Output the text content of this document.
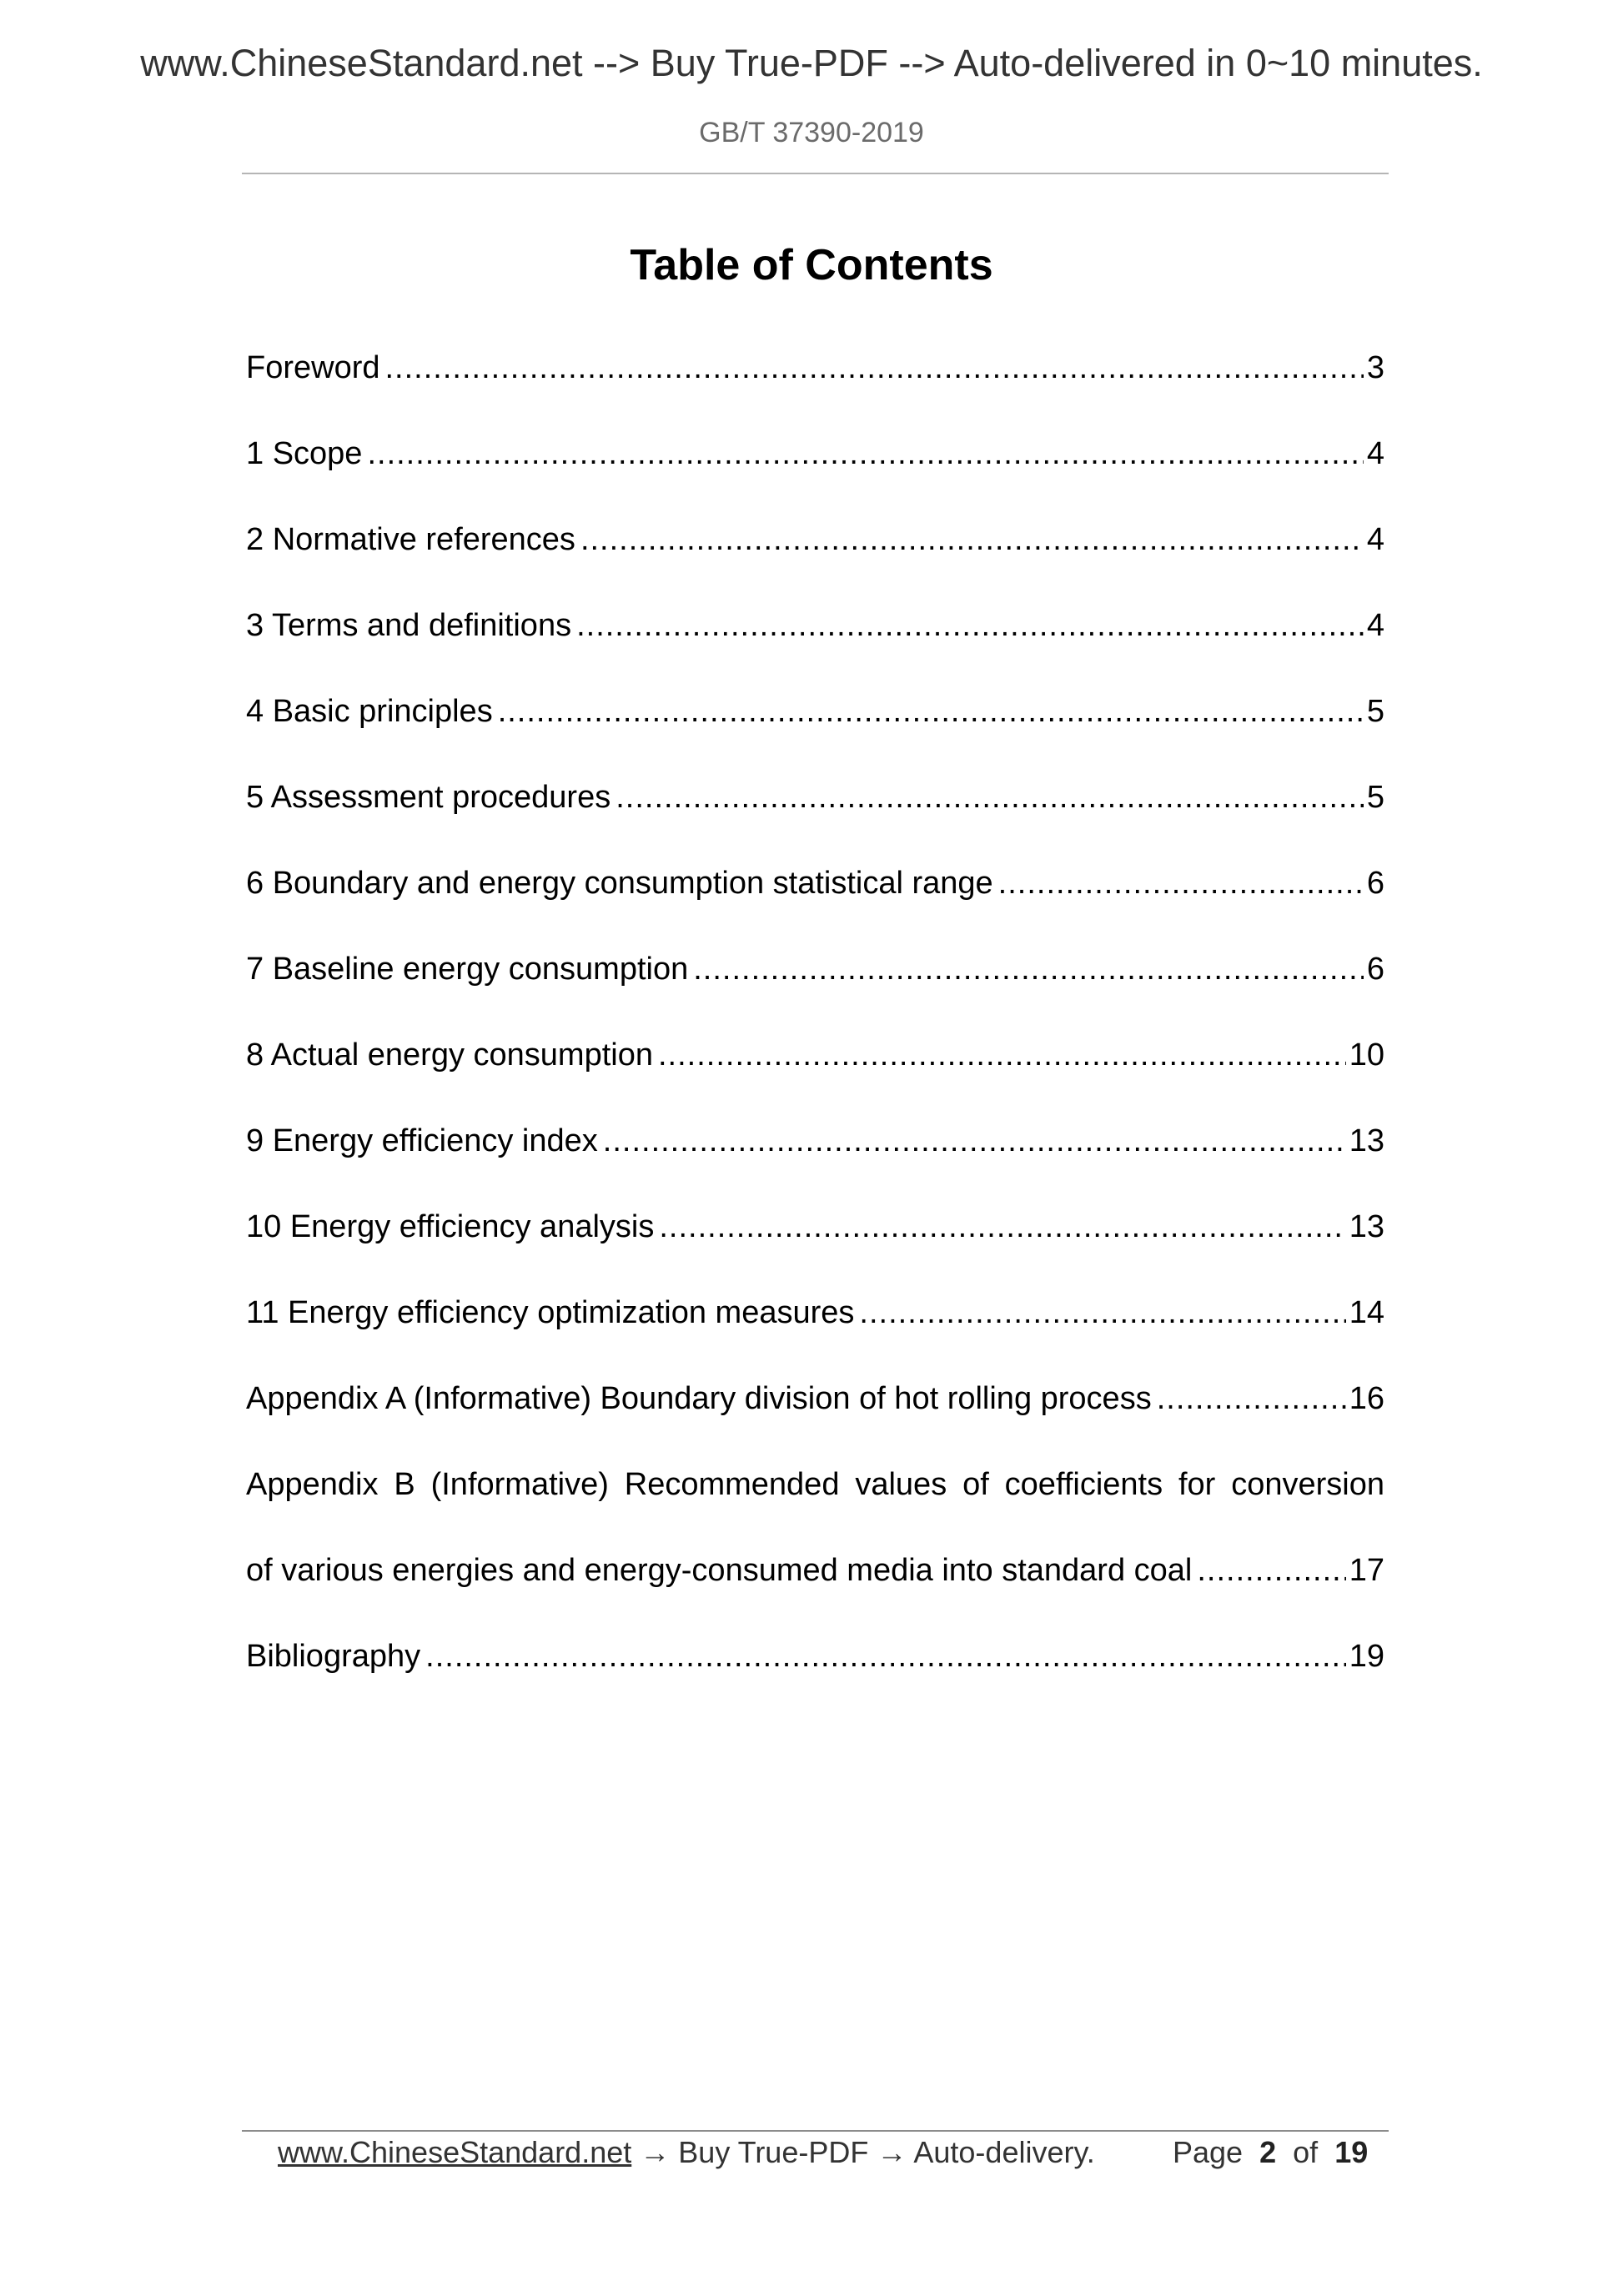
www.ChineseStandard.net --> Buy True-PDF --> Auto-delivered in 0~10 minutes.
GB/T 37390-2019
Table of Contents
Foreword .....	3
1 Scope .....	4
2 Normative references .....	4
3 Terms and definitions .....	4
4 Basic principles .....	5
5 Assessment procedures .....	5
6 Boundary and energy consumption statistical range .....	6
7 Baseline energy consumption .....	6
8 Actual energy consumption .....	10
9 Energy efficiency index .....	13
10 Energy efficiency analysis .....	13
11 Energy efficiency optimization measures .....	14
Appendix A (Informative) Boundary division of hot rolling process .....	16
Appendix B (Informative) Recommended values of coefficients for conversion
of various energies and energy-consumed media into standard coal .....	17
Bibliography .....	19
www.ChineseStandard.net → Buy True-PDF → Auto-delivery.	Page 2 of 19
